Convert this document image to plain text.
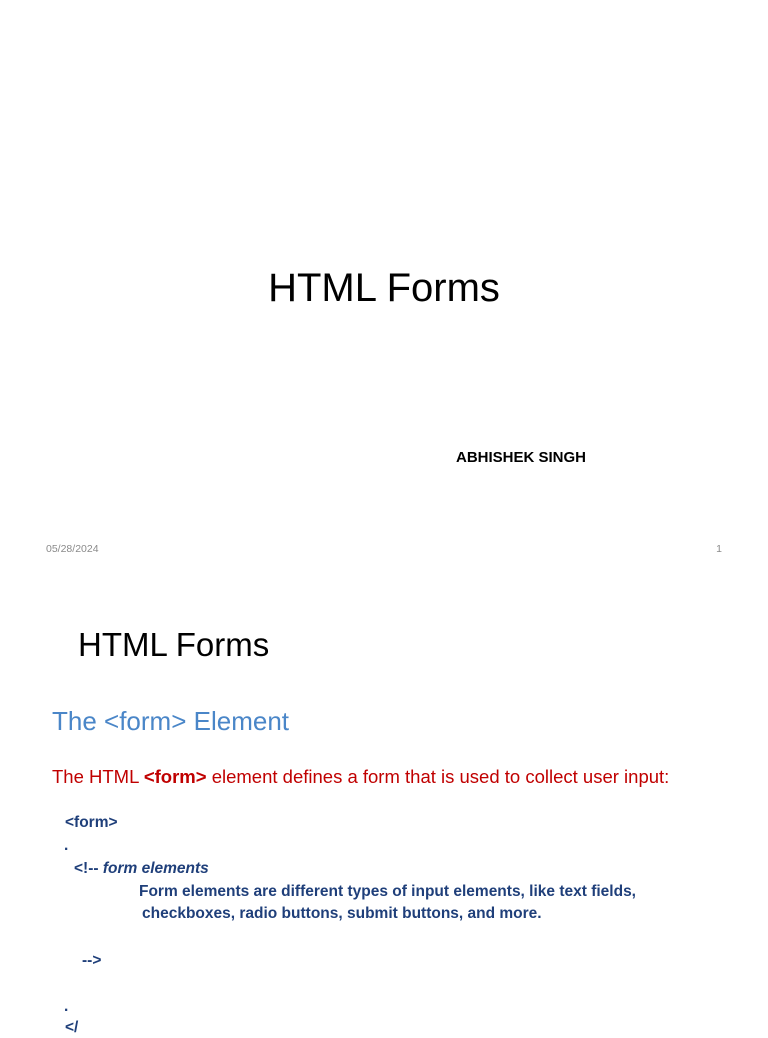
HTML Forms
ABHISHEK SINGH
05/28/2024	1
HTML Forms
The <form> Element
The HTML <form> element defines a form that is used to collect user input:
<form>
.
<!-- form elements
Form elements are different types of input elements, like text fields,
checkboxes, radio buttons, submit buttons, and more.
-->
.
</
